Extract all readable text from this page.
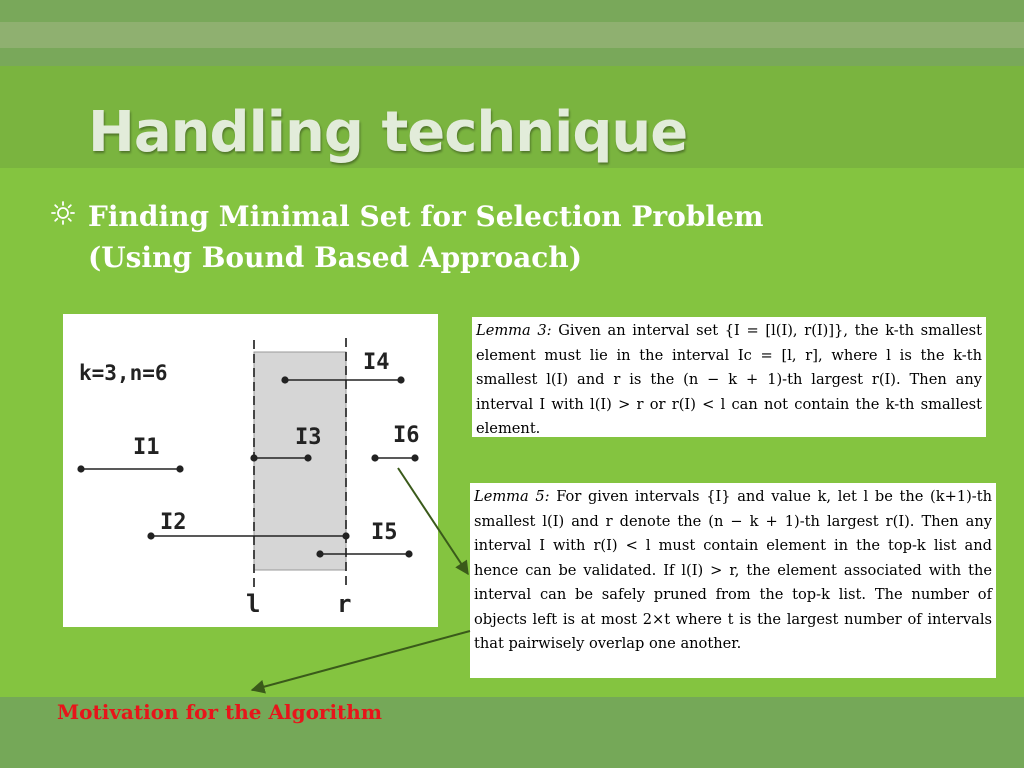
Handling technique
Finding Minimal Set for Selection Problem
(Using Bound Based Approach)
k=3,n=6
I1
I2
I3
I4
I5
I6
l	r
Lemma 3: Given an interval set {I = [l(I), r(I)]}, the k-th smallest element must lie in the interval Ic = [l, r], where l is the k-th smallest l(I) and r is the (n − k + 1)-th largest r(I). Then any interval I with l(I) > r or r(I) < l can not contain the k-th smallest element.
Lemma 5: For given intervals {I} and value k, let l be the (k+1)-th smallest l(I) and r denote the (n − k + 1)-th largest r(I). Then any interval I with r(I) < l must contain element in the top-k list and hence can be validated. If l(I) > r, the element associated with the interval can be safely pruned from the top-k list. The number of objects left is at most 2×t where t is the largest number of intervals that pairwisely overlap one another.
Motivation for the Algorithm
